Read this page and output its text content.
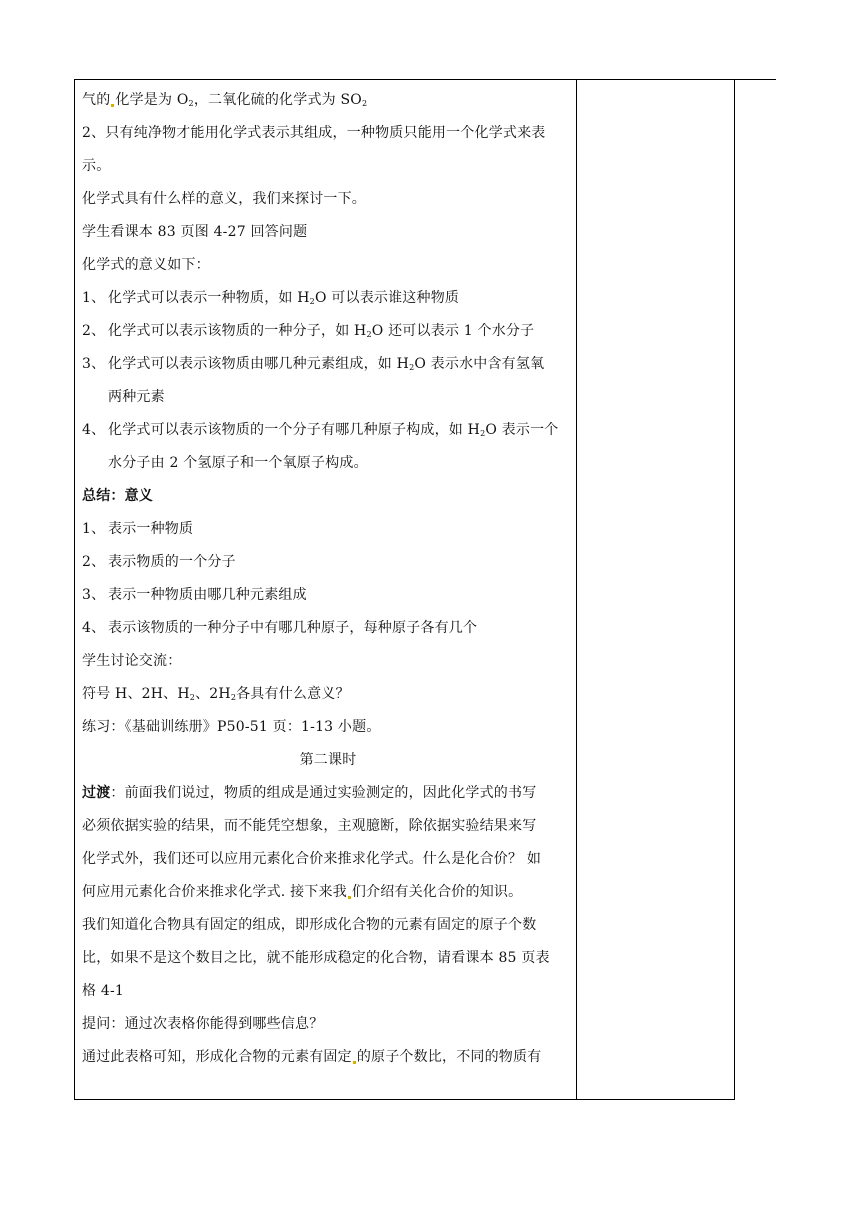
气的 化学是为 $O_2$，二氧化硫的化学式为 $SO_2$
2、只有纯净物才能用化学式表示其组成，一种物质只能用一个化学式来表
示。
化学式具有什么样的意义，我们来探讨一下。
学生看课本 83 页图 4-27 回答问题
化学式的意义如下：
1、 化学式可以表示一种物质，如 $H_2O$ 可以表示谁这种物质
2、 化学式可以表示该物质的一种分子，如 $H_2O$ 还可以表示 1 个水分子
3、 化学式可以表示该物质由哪几种元素组成，如 $H_2O$ 表示水中含有氢氧
两种元素
4、 化学式可以表示该物质的一个分子有哪几种原子构成，如 $H_2O$ 表示一个
水分子由 2 个氢原子和一个氧原子构成。
总结：意义
1、 表示一种物质
2、 表示物质的一个分子
3、 表示一种物质由哪几种元素组成
4、 表示该物质的一种分子中有哪几种原子，每种原子各有几个
学生讨论交流：
符号 H、2H、$H_2$、$2H_2$各具有什么意义？
练习：《基础训练册》P50-51 页：1-13 小题。
第二课时
过渡：前面我们说过，物质的组成是通过实验测定的，因此化学式的书写
必须依据实验的结果，而不能凭空想象，主观臆断，除依据实验结果来写
化学式外，我们还可以应用元素化合价来推求化学式。什么是化合价？ 如
何应用元素化合价来推求化学式. 接下来我 们介绍有关化合价的知识。
我们知道化合物具有固定的组成，即形成化合物的元素有固定的原子个数
比，如果不是这个数目之比，就不能形成稳定的化合物，请看课本 85 页表
格 4-1
提问：通过次表格你能得到哪些信息？
通过此表格可知，形成化合物的元素有固定 的原子个数比，不同的物质有
